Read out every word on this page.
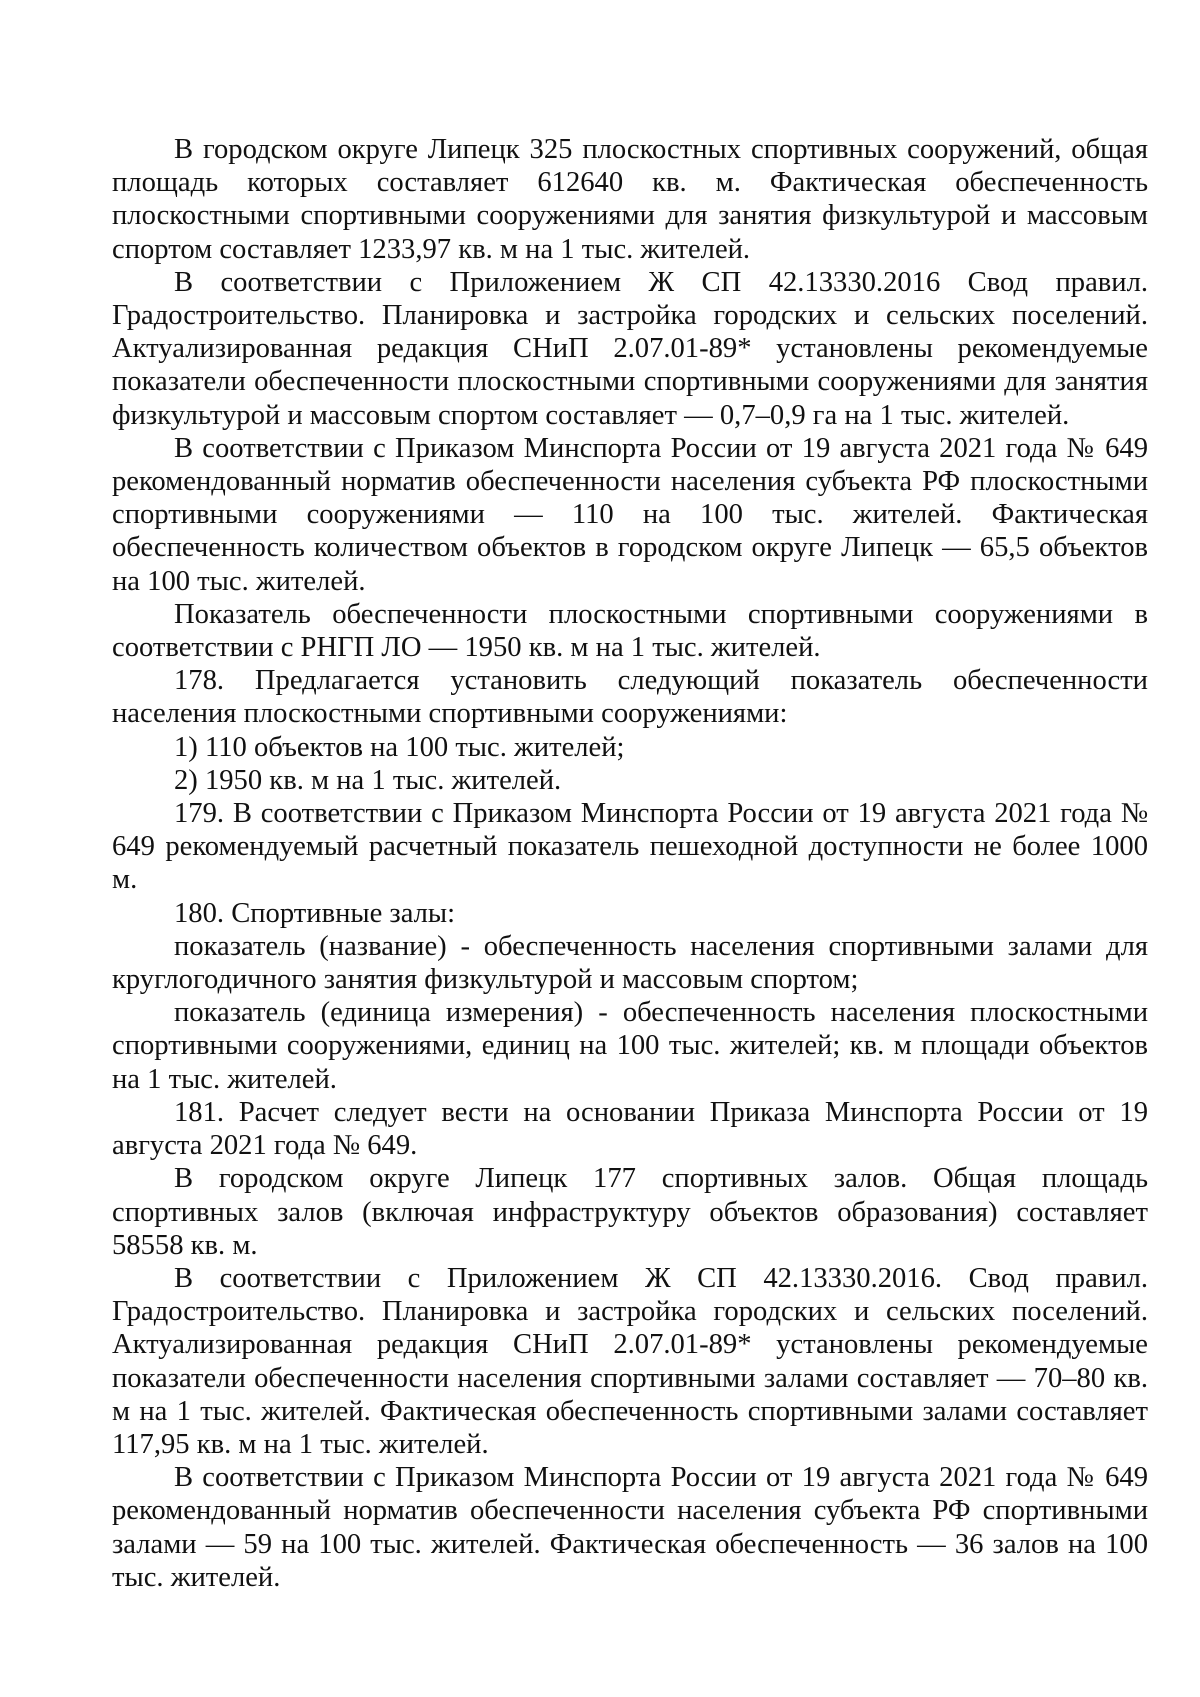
В городском округе Липецк 325 плоскостных спортивных сооружений, общая площадь которых составляет 612640 кв. м. Фактическая обеспеченность плоскостными спортивными сооружениями для занятия физкультурой и массовым спортом составляет 1233,97 кв. м на 1 тыс. жителей.

В соответствии с Приложением Ж СП 42.13330.2016 Свод правил. Градостроительство. Планировка и застройка городских и сельских поселений. Актуализированная редакция СНиП 2.07.01-89* установлены рекомендуемые показатели обеспеченности плоскостными спортивными сооружениями для занятия физкультурой и массовым спортом составляет — 0,7–0,9 га на 1 тыс. жителей.

В соответствии с Приказом Минспорта России от 19 августа 2021 года № 649 рекомендованный норматив обеспеченности населения субъекта РФ плоскостными спортивными сооружениями — 110 на 100 тыс. жителей. Фактическая обеспеченность количеством объектов в городском округе Липецк — 65,5 объектов на 100 тыс. жителей.

Показатель обеспеченности плоскостными спортивными сооружениями в соответствии с РНГП ЛО — 1950 кв. м на 1 тыс. жителей.

178. Предлагается установить следующий показатель обеспеченности населения плоскостными спортивными сооружениями:

1) 110 объектов на 100 тыс. жителей;

2) 1950 кв. м на 1 тыс. жителей.

179. В соответствии с Приказом Минспорта России от 19 августа 2021 года № 649 рекомендуемый расчетный показатель пешеходной доступности не более 1000 м.

180. Спортивные залы:

показатель (название) - обеспеченность населения спортивными залами для круглогодичного занятия физкультурой и массовым спортом;

показатель (единица измерения) - обеспеченность населения плоскостными спортивными сооружениями, единиц на 100 тыс. жителей; кв. м площади объектов на 1 тыс. жителей.

181. Расчет следует вести на основании Приказа Минспорта России от 19 августа 2021 года № 649.

В городском округе Липецк 177 спортивных залов. Общая площадь спортивных залов (включая инфраструктуру объектов образования) составляет 58558 кв. м.

В соответствии с Приложением Ж СП 42.13330.2016. Свод правил. Градостроительство. Планировка и застройка городских и сельских поселений. Актуализированная редакция СНиП 2.07.01-89* установлены рекомендуемые показатели обеспеченности населения спортивными залами составляет — 70–80 кв. м на 1 тыс. жителей. Фактическая обеспеченность спортивными залами составляет 117,95 кв. м на 1 тыс. жителей.

В соответствии с Приказом Минспорта России от 19 августа 2021 года № 649 рекомендованный норматив обеспеченности населения субъекта РФ спортивными залами — 59 на 100 тыс. жителей. Фактическая обеспеченность — 36 залов на 100 тыс. жителей.
